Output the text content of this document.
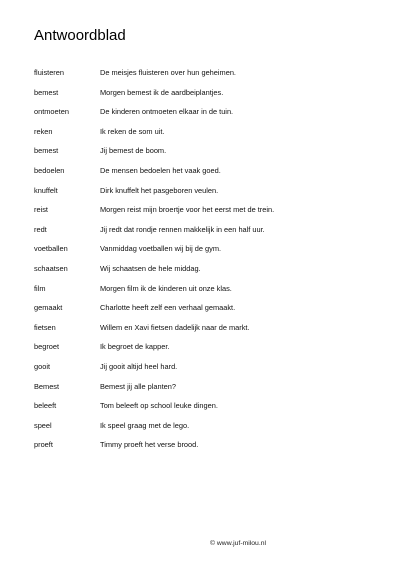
Antwoordblad
fluisteren	De meisjes fluisteren over hun geheimen.
bemest	Morgen bemest ik de aardbeiplantjes.
ontmoeten	De kinderen ontmoeten elkaar in de tuin.
reken	Ik reken de som uit.
bemest	Jij bemest de boom.
bedoelen	De mensen bedoelen het vaak goed.
knuffelt	Dirk knuffelt het pasgeboren veulen.
reist	Morgen reist mijn broertje voor het eerst met de trein.
redt	Jij redt dat rondje rennen makkelijk in een half uur.
voetballen	Vanmiddag voetballen wij bij de gym.
schaatsen	Wij schaatsen de hele middag.
film	Morgen film ik de kinderen uit onze klas.
gemaakt	Charlotte heeft zelf een verhaal gemaakt.
fietsen	Willem en Xavi fietsen dadelijk naar de markt.
begroet	Ik begroet de kapper.
gooit	Jij gooit altijd heel hard.
Bemest	Bemest jij alle planten?
beleeft	Tom beleeft op school leuke dingen.
speel	Ik speel graag met de lego.
proeft	Timmy proeft het verse brood.
© www.juf-milou.nl
